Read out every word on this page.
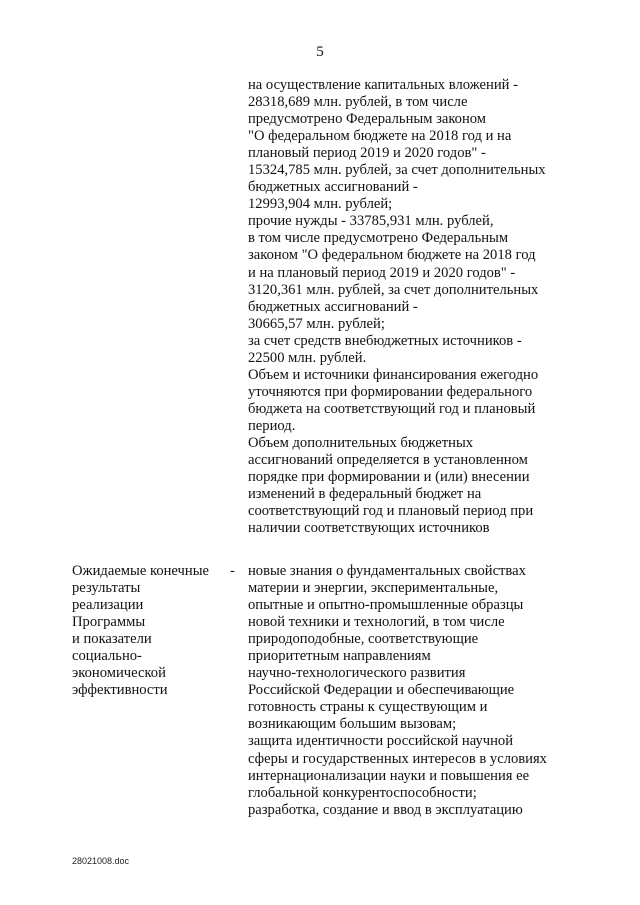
5
на осуществление капитальных вложений -
28318,689 млн. рублей, в том числе
предусмотрено Федеральным законом
"О федеральном бюджете на 2018 год и на
плановый период 2019 и 2020 годов" -
15324,785 млн. рублей, за счет дополнительных
бюджетных ассигнований -
12993,904 млн. рублей;
прочие нужды - 33785,931 млн. рублей,
в том числе предусмотрено Федеральным
законом "О федеральном бюджете на 2018 год
и на плановый период 2019 и 2020 годов" -
3120,361 млн. рублей, за счет дополнительных
бюджетных ассигнований -
30665,57 млн. рублей;
за счет средств внебюджетных источников -
22500 млн. рублей.
Объем и источники финансирования ежегодно
уточняются при формировании федерального
бюджета на соответствующий год и плановый
период.
Объем дополнительных бюджетных
ассигнований определяется в установленном
порядке при формировании и (или) внесении
изменений в федеральный бюджет на
соответствующий год и плановый период при
наличии соответствующих источников
Ожидаемые конечные
результаты
реализации
Программы
и показатели
социально-
экономической
эффективности
- новые знания о фундаментальных свойствах
материи и энергии, экспериментальные,
опытные и опытно-промышленные образцы
новой техники и технологий, в том числе
природоподобные, соответствующие
приоритетным направлениям
научно-технологического развития
Российской Федерации и обеспечивающие
готовность страны к существующим и
возникающим большим вызовам;
защита идентичности российской научной
сферы и государственных интересов в условиях
интернационализации науки и повышения ее
глобальной конкурентоспособности;
разработка, создание и ввод в эксплуатацию
28021008.doc
